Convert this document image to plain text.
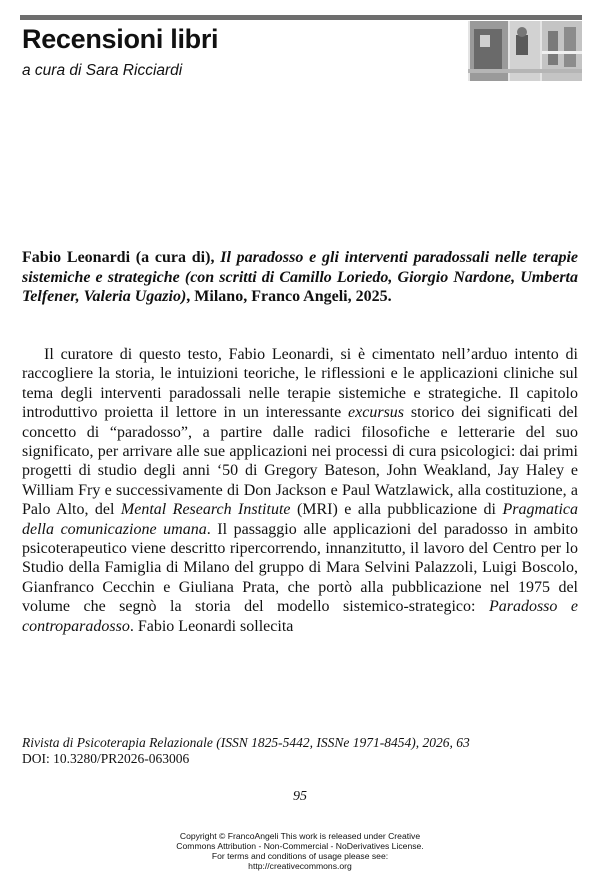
Recensioni libri

a cura di Sara Ricciardi

Fabio Leonardi (a cura di), Il paradosso e gli interventi paradossali nelle terapie sistemiche e strategiche (con scritti di Camillo Loriedo, Giorgio Nardone, Umberta Telfener, Valeria Ugazio), Milano, Franco Angeli, 2025.

Il curatore di questo testo, Fabio Leonardi, si è cimentato nell’arduo intento di raccogliere la storia, le intuizioni teoriche, le riflessioni e le applicazioni cliniche sul tema degli interventi paradossali nelle terapie sistemiche e strategiche. Il capitolo introduttivo proietta il lettore in un interessante excursus storico dei significati del concetto di “paradosso”, a partire dalle radici filosofiche e letterarie del suo significato, per arrivare alle sue applicazioni nei processi di cura psicologici: dai primi progetti di studio degli anni ‘50 di Gregory Bateson, John Weakland, Jay Haley e William Fry e successivamente di Don Jackson e Paul Watzlawick, alla costituzione, a Palo Alto, del Mental Research Institute (MRI) e alla pubblicazione di Pragmatica della comunicazione umana. Il passaggio alle applicazioni del paradosso in ambito psicoterapeutico viene descritto ripercorrendo, innanzitutto, il lavoro del Centro per lo Studio della Famiglia di Milano del gruppo di Mara Selvini Palazzoli, Luigi Boscolo, Gianfranco Cecchin e Giuliana Prata, che portò alla pubblicazione nel 1975 del volume che segnò la storia del modello sistemico-strategico: Paradosso e controparadosso. Fabio Leonardi sollecita

Rivista di Psicoterapia Relazionale (ISSN 1825-5442, ISSNe 1971-8454), 2026, 63
DOI: 10.3280/PR2026-063006

95

Copyright © FrancoAngeli This work is released under Creative
Commons Attribution - Non-Commercial - NoDerivatives License.
For terms and conditions of usage please see:
http://creativecommons.org
